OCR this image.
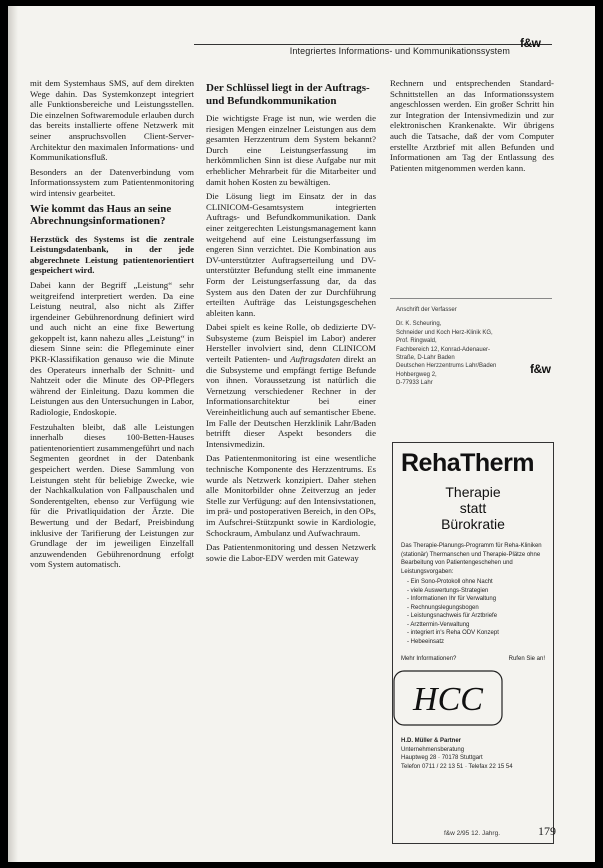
Integriertes Informations- und Kommunikationssystem
f&w

mit dem Systemhaus SMS, auf dem direkten Wege dahin. Das Systemkonzept integriert alle Funktionsbereiche und Leistungsstellen. Die einzelnen Softwaremodule erlauben durch das bereits installierte offene Netzwerk mit seiner anspruchsvollen Client-Server-Architektur den maximalen Informations- und Kommunikationsfluß.

Besonders an der Datenverbindung vom Informationssystem zum Patientenmonitoring wird intensiv gearbeitet.

Wie kommt das Haus an seine Abrechnungsinformationen?

Herzstück des Systems ist die zentrale Leistungsdatenbank, in der jede abgerechnete Leistung patientenorientiert gespeichert wird.

Dabei kann der Begriff „Leistung“ sehr weitgreifend interpretiert werden. Da eine Leistung neutral, also nicht als Ziffer irgendeiner Gebührenordnung definiert wird und auch nicht an eine fixe Bewertung gekoppelt ist, kann nahezu alles „Leistung“ in diesem Sinne sein: die Pflegeminute einer PKR-Klassifikation genauso wie die Minute des Operateurs innerhalb der Schnitt- und Nahtzeit oder die Minute des OP-Pflegers während der Einleitung. Dazu kommen die Leistungen aus den Untersuchungen in Labor, Radiologie, Endoskopie.

Festzuhalten bleibt, daß alle Leistungen innerhalb dieses 100-Betten-Hauses patientenorientiert zusammengeführt und nach Segmenten geordnet in der Datenbank gespeichert werden. Diese Sammlung von Leistungen steht für beliebige Zwecke, wie der Nachkalkulation von Fallpauschalen und Sonderentgelten, ebenso zur Verfügung wie für die Privatliquidation der Ärzte. Die Bewertung und der Bedarf, Preisbindung inklusive der Tarifierung der Leistungen zur Grundlage der im jeweiligen Einzelfall anzuwendenden Gebührenordnung erfolgt vom System automatisch.

Der Schlüssel liegt in der Auftrags- und Befundkommunikation

Die wichtigste Frage ist nun, wie werden die riesigen Mengen einzelner Leistungen aus dem gesamten Herzzentrum dem System bekannt? Durch eine Leistungserfassung im herkömmlichen Sinn ist diese Aufgabe nur mit erheblicher Mehrarbeit für die Mitarbeiter und damit hohen Kosten zu bewältigen.

Die Lösung liegt im Einsatz der in das CLINICOM-Gesamtsystem integrierten Auftrags- und Befundkommunikation. Dank einer zeitgerechten Leistungsmanagement kann weitgehend auf eine Leistungserfassung im engeren Sinn verzichtet. Die Kombination aus DV-unterstützter Auftragserteilung und DV-unterstützter Befundung stellt eine immanente Form der Leistungserfassung dar, da das System aus den Daten der zur Durchführung erteilten Aufträge das Leistungsgeschehen ableiten kann.

Dabei spielt es keine Rolle, ob dedizierte DV-Subsysteme (zum Beispiel im Labor) anderer Hersteller involviert sind, denn CLINICOM verteilt Patienten- und Auftragsdaten direkt an die Subsysteme und empfängt fertige Befunde von ihnen. Voraussetzung ist natürlich die Vernetzung verschiedener Rechner in der Informationsarchitektur bei einer Vereinheitlichung auch auf semantischer Ebene. Im Falle der Deutschen Herzklinik Lahr/Baden betrifft dieser Aspekt besonders die Intensivmedizin.

Das Patientenmonitoring ist eine wesentliche technische Komponente des Herzzentrums. Es wurde als Netzwerk konzipiert. Daher stehen alle Monitorbilder ohne Zeitverzug an jeder Stelle zur Verfügung: auf den Intensivstationen, im prä- und postoperativen Bereich, in den OPs, im Aufschrei-Stützpunkt sowie in Kardiologie, Schockraum, Ambulanz und Aufwachraum.

Das Patientenmonitoring und dessen Netzwerk sowie die Labor-EDV werden mit Gateway

Rechnern und entsprechenden Standard-Schnittstellen an das Informationssystem angeschlossen werden. Ein großer Schritt hin zur Integration der Intensivmedizin und zur elektronischen Krankenakte. Wir übrigens auch die Tatsache, daß der vom Computer erstellte Arztbrief mit allen Befunden und Informationen am Tag der Entlassung des Patienten mitgenommen werden kann.

Anschrift der Verfasser
Dr. K. Scheuring,
Schneider und Koch Herz-Klinik KG,
Prof. Ringwald,
Fachbereich 12, Konrad-Adenauer-
Straße, D-Lahr Baden
Deutschen Herzzentrums Lahr/Baden
Hohbergweg 2,
D-77933 Lahr
f&w
RehaTherm
Therapie
statt
Bürokratie
Das Therapie-Planungs-Programm für Reha-Kliniken (stationär) Thermanschen und Therapie-Plätze ohne Bearbeitung von Patientengeschehen und Leistungsvorgaben:
- Ein Sono-Protokoll ohne Nacht
- viele Auswertungs-Strategien
- Informationen Ihr für Verwaltung
- Rechnungslegungsbogen
- Leistungsnachweis für Arztbriefe
- Arzttermin-Verwaltung
- integriert in's Reha ODV Konzept
- Hebeeinsatz
Mehr Informationen?	Rufen Sie an!
HCC
H.D. Müller & Partner
Unternehmensberatung
Hauptweg 28 · 70178 Stuttgart
Telefon 0711 / 22 13 51 · Telefax 22 15 54
f&w 2/95 12. Jahrg.	179
